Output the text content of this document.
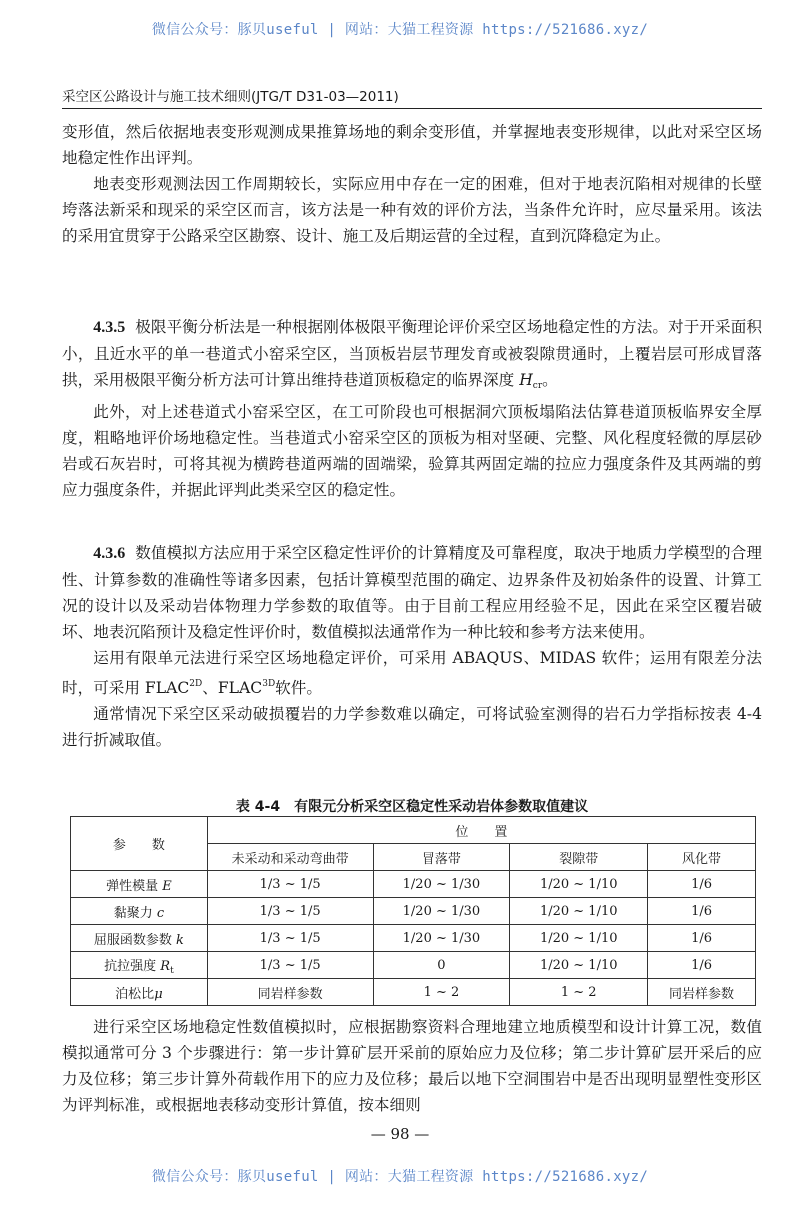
微信公众号：豚贝useful | 网站：大猫工程资源 https://521686.xyz/
采空区公路设计与施工技术细则(JTG/T D31-03—2011)

变形值，然后依据地表变形观测成果推算场地的剩余变形值，并掌握地表变形规律，以此对采空区场地稳定性作出评判。

地表变形观测法因工作周期较长，实际应用中存在一定的困难，但对于地表沉陷相对规律的长壁垮落法新采和现采的采空区而言，该方法是一种有效的评价方法，当条件允许时，应尽量采用。该法的采用宜贯穿于公路采空区勘察、设计、施工及后期运营的全过程，直到沉降稳定为止。

4.3.5 极限平衡分析法是一种根据刚体极限平衡理论评价采空区场地稳定性的方法。对于开采面积小，且近水平的单一巷道式小窑采空区，当顶板岩层节理发育或被裂隙贯通时，上覆岩层可形成冒落拱，采用极限平衡分析方法可计算出维持巷道顶板稳定的临界深度 $H_{cr}$。

此外，对上述巷道式小窑采空区，在工可阶段也可根据洞穴顶板塌陷法估算巷道顶板临界安全厚度，粗略地评价场地稳定性。当巷道式小窑采空区的顶板为相对坚硬、完整、风化程度轻微的厚层砂岩或石灰岩时，可将其视为横跨巷道两端的固端梁，验算其两固定端的拉应力强度条件及其两端的剪应力强度条件，并据此评判此类采空区的稳定性。

4.3.6 数值模拟方法应用于采空区稳定性评价的计算精度及可靠程度，取决于地质力学模型的合理性、计算参数的准确性等诸多因素，包括计算模型范围的确定、边界条件及初始条件的设置、计算工况的设计以及采动岩体物理力学参数的取值等。由于目前工程应用经验不足，因此在采空区覆岩破坏、地表沉陷预计及稳定性评价时，数值模拟法通常作为一种比较和参考方法来使用。

运用有限单元法进行采空区场地稳定评价，可采用 ABAQUS、MIDAS 软件；运用有限差分法时，可采用 $FLAC^{2D}$、$FLAC^{3D}$软件。

通常情况下采空区采动破损覆岩的力学参数难以确定，可将试验室测得的岩石力学指标按表 4-4 进行折减取值。

表 4-4　有限元分析采空区稳定性采动岩体参数取值建议
参　　数	位　　置			
	未采动和采动弯曲带	冒落带	裂隙带	风化带
弹性模量 E	1/3 ~ 1/5	1/20 ~ 1/30	1/20 ~ 1/10	1/6
黏聚力 c	1/3 ~ 1/5	1/20 ~ 1/30	1/20 ~ 1/10	1/6
屈服函数参数 k	1/3 ~ 1/5	1/20 ~ 1/30	1/20 ~ 1/10	1/6
抗拉强度 $R_t$	1/3 ~ 1/5	0	1/20 ~ 1/10	1/6
泊松比μ	同岩样参数	1 ~ 2	1 ~ 2	同岩样参数

进行采空区场地稳定性数值模拟时，应根据勘察资料合理地建立地质模型和设计计算工况，数值模拟通常可分 3 个步骤进行：第一步计算矿层开采前的原始应力及位移；第二步计算矿层开采后的应力及位移；第三步计算外荷载作用下的应力及位移；最后以地下空洞围岩中是否出现明显塑性变形区为评判标准，或根据地表移动变形计算值，按本细则

— 98 —
微信公众号：豚贝useful | 网站：大猫工程资源 https://521686.xyz/
